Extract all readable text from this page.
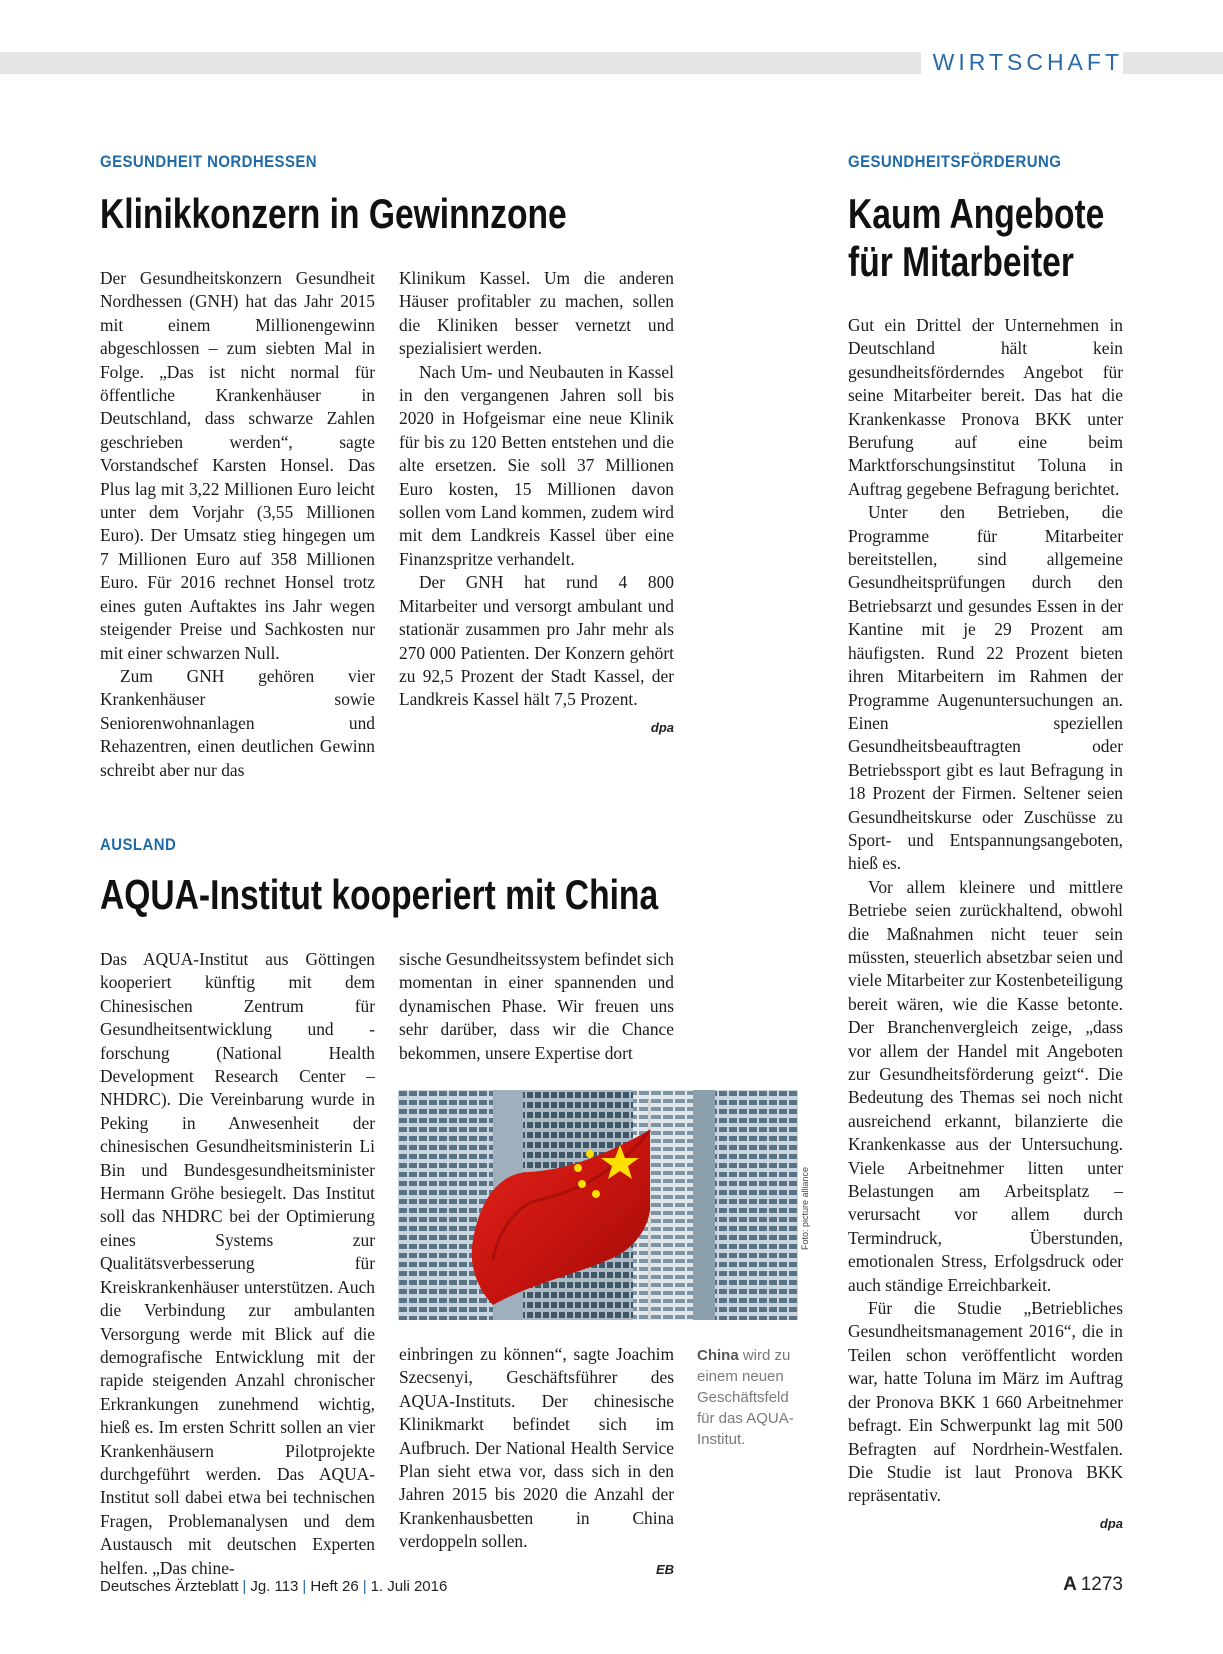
WIRTSCHAFT
GESUNDHEIT NORDHESSEN
Klinikkonzern in Gewinnzone

Der Gesundheitskonzern Gesundheit Nordhessen (GNH) hat das Jahr 2015 mit einem Millionengewinn abgeschlossen – zum siebten Mal in Folge. „Das ist nicht normal für öffentliche Krankenhäuser in Deutschland, dass schwarze Zahlen geschrieben werden“, sagte Vorstandschef Karsten Honsel. Das Plus lag mit 3,22 Millionen Euro leicht unter dem Vorjahr (3,55 Millionen Euro). Der Umsatz stieg hingegen um 7 Millionen Euro auf 358 Millionen Euro. Für 2016 rechnet Honsel trotz eines guten Auftaktes ins Jahr wegen steigender Preise und Sachkosten nur mit einer schwarzen Null.

Zum GNH gehören vier Krankenhäuser sowie Seniorenwohnanlagen und Rehazentren, einen deutlichen Gewinn schreibt aber nur das

Klinikum Kassel. Um die anderen Häuser profitabler zu machen, sollen die Kliniken besser vernetzt und spezialisiert werden.

Nach Um- und Neubauten in Kassel in den vergangenen Jahren soll bis 2020 in Hofgeismar eine neue Klinik für bis zu 120 Betten entstehen und die alte ersetzen. Sie soll 37 Millionen Euro kosten, 15 Millionen davon sollen vom Land kommen, zudem wird mit dem Landkreis Kassel über eine Finanzspritze verhandelt.

Der GNH hat rund 4 800 Mitarbeiter und versorgt ambulant und stationär zusammen pro Jahr mehr als 270 000 Patienten. Der Konzern gehört zu 92,5 Prozent der Stadt Kassel, der Landkreis Kassel hält 7,5 Prozent.

dpa
AUSLAND
AQUA-Institut kooperiert mit China

Das AQUA-Institut aus Göttingen kooperiert künftig mit dem Chinesischen Zentrum für Gesundheitsentwicklung und -forschung (National Health Development Research Center – NHDRC). Die Vereinbarung wurde in Peking in Anwesenheit der chinesischen Gesundheitsministerin Li Bin und Bundesgesundheitsminister Hermann Gröhe besiegelt. Das Institut soll das NHDRC bei der Optimierung eines Systems zur Qualitätsverbesserung für Kreiskrankenhäuser unterstützen. Auch die Verbindung zur ambulanten Versorgung werde mit Blick auf die demografische Entwicklung mit der rapide steigenden Anzahl chronischer Erkrankungen zunehmend wichtig, hieß es. Im ersten Schritt sollen an vier Krankenhäusern Pilotprojekte durchgeführt werden. Das AQUA-Institut soll dabei etwa bei technischen Fragen, Problemanalysen und dem Austausch mit deutschen Experten helfen. „Das chine-

sische Gesundheitssystem befindet sich momentan in einer spannenden und dynamischen Phase. Wir freuen uns sehr darüber, dass wir die Chance bekommen, unsere Expertise dort

Foto: picture alliance

einbringen zu können“, sagte Joachim Szecsenyi, Geschäftsführer des AQUA-Instituts. Der chinesische Klinikmarkt befindet sich im Aufbruch. Der National Health Service Plan sieht etwa vor, dass sich in den Jahren 2015 bis 2020 die Anzahl der Krankenhausbetten in China verdoppeln sollen.

EB
China wird zu einem neuen Geschäftsfeld für das AQUA-Institut.
GESUNDHEITSFÖRDERUNG
Kaum Angebote
für Mitarbeiter

Gut ein Drittel der Unternehmen in Deutschland hält kein gesundheitsförderndes Angebot für seine Mitarbeiter bereit. Das hat die Krankenkasse Pronova BKK unter Berufung auf eine beim Marktforschungsinstitut Toluna in Auftrag gegebene Befragung berichtet.

Unter den Betrieben, die Programme für Mitarbeiter bereitstellen, sind allgemeine Gesundheitsprüfungen durch den Betriebsarzt und gesundes Essen in der Kantine mit je 29 Prozent am häufigsten. Rund 22 Prozent bieten ihren Mitarbeitern im Rahmen der Programme Augenuntersuchungen an. Einen speziellen Gesundheitsbeauftragten oder Betriebssport gibt es laut Befragung in 18 Prozent der Firmen. Seltener seien Gesundheitskurse oder Zuschüsse zu Sport- und Entspannungsangeboten, hieß es.

Vor allem kleinere und mittlere Betriebe seien zurückhaltend, obwohl die Maßnahmen nicht teuer sein müssten, steuerlich absetzbar seien und viele Mitarbeiter zur Kostenbeteiligung bereit wären, wie die Kasse betonte. Der Branchenvergleich zeige, „dass vor allem der Handel mit Angeboten zur Gesundheitsförderung geizt“. Die Bedeutung des Themas sei noch nicht ausreichend erkannt, bilanzierte die Krankenkasse aus der Untersuchung. Viele Arbeitnehmer litten unter Belastungen am Arbeitsplatz – verursacht vor allem durch Termindruck, Überstunden, emotionalen Stress, Erfolgsdruck oder auch ständige Erreichbarkeit.

Für die Studie „Betriebliches Gesundheitsmanagement 2016“, die in Teilen schon veröffentlicht worden war, hatte Toluna im März im Auftrag der Pronova BKK 1 660 Arbeitnehmer befragt. Ein Schwerpunkt lag mit 500 Befragten auf Nordrhein-Westfalen. Die Studie ist laut Pronova BKK repräsentativ.

dpa
Deutsches Ärzteblatt | Jg. 113 | Heft 26 | 1. Juli 2016	A  1273
